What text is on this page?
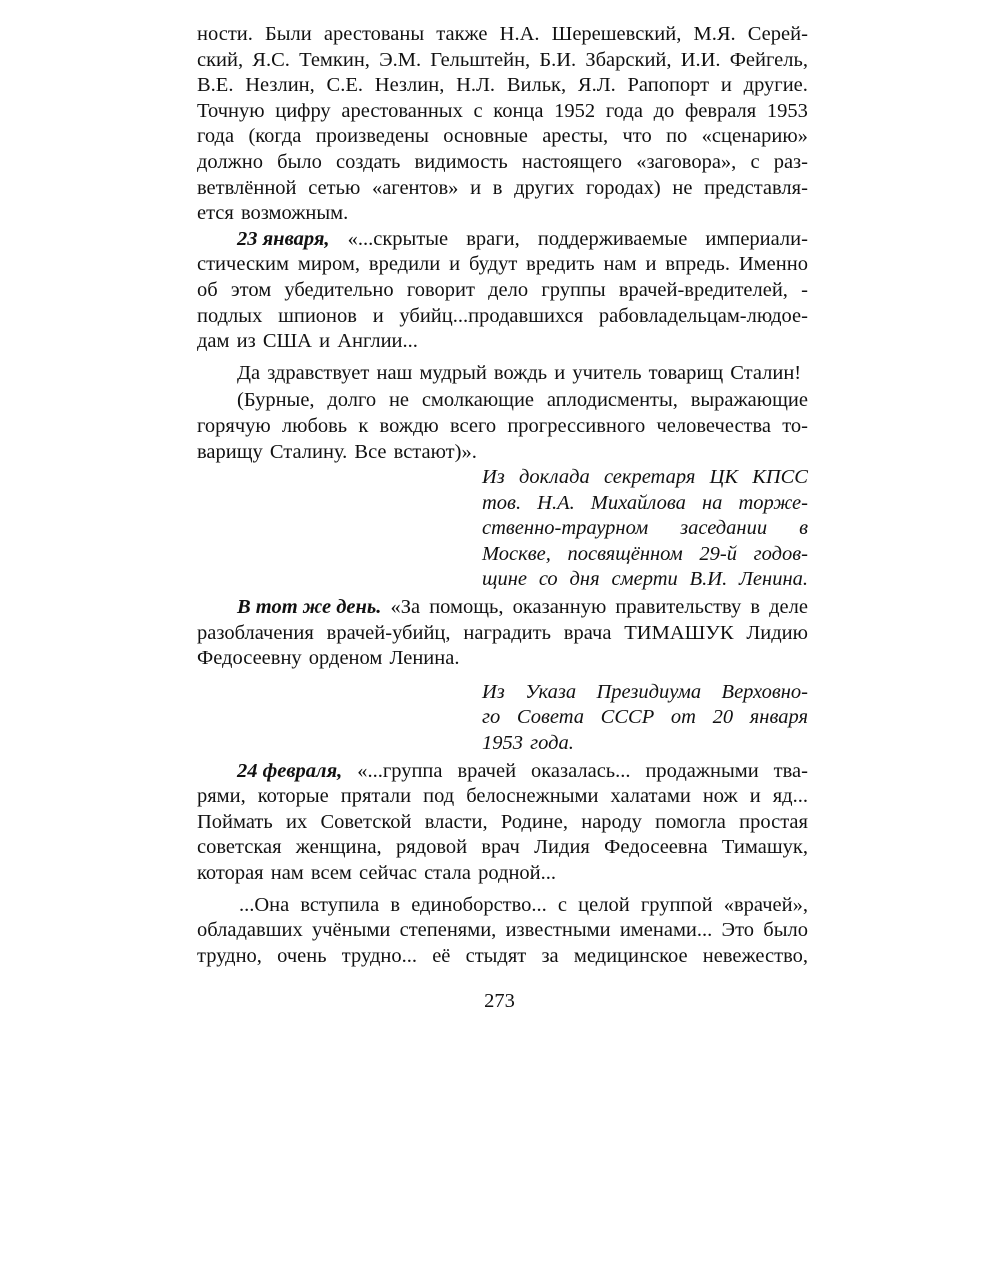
ности. Были арестованы также Н.А. Шерешевский, М.Я. Серей-
ский, Я.С. Темкин, Э.М. Гельштейн, Б.И. Збарский, И.И. Фейгель,
В.Е. Незлин, С.Е. Незлин, Н.Л. Вильк, Я.Л. Рапопорт и другие.
Точную цифру арестованных с конца 1952 года до февраля 1953
года (когда произведены основные аресты, что по «сценарию»
должно было создать видимость настоящего «заговора», с раз-
ветвлённой сетью «агентов» и в других городах) не представля-
ется возможным.
23 января, «...скрытые враги, поддерживаемые империали-
стическим миром, вредили и будут вредить нам и впредь. Именно
об этом убедительно говорит дело группы врачей-вредителей, -
подлых шпионов и убийц...продавшихся рабовладельцам-людое-
дам из США и Англии...
Да здравствует наш мудрый вождь и учитель товарищ Сталин!
(Бурные, долго не смолкающие аплодисменты, выражающие
горячую любовь к вождю всего прогрессивного человечества то-
варищу Сталину. Все встают)».
Из доклада секретаря ЦК КПСС
тов. Н.А. Михайлова на торже-
ственно-траурном заседании в
Москве, посвящённом 29-й годов-
щине со дня смерти В.И. Ленина.
В тот же день. «За помощь, оказанную правительству в деле
разоблачения врачей-убийц, наградить врача ТИМАШУК Лидию
Федосеевну орденом Ленина.
Из Указа Президиума Верховно-
го Совета СССР от 20 января
1953 года.
24 февраля, «...группа врачей оказалась... продажными тва-
рями, которые прятали под белоснежными халатами нож и яд...
Поймать их Советской власти, Родине, народу помогла простая
советская женщина, рядовой врач Лидия Федосеевна Тимашук,
которая нам всем сейчас стала родной...
...Она вступила в единоборство... с целой группой «врачей»,
обладавших учёными степенями, известными именами... Это было
трудно, очень трудно... её стыдят за медицинское невежество,
273
